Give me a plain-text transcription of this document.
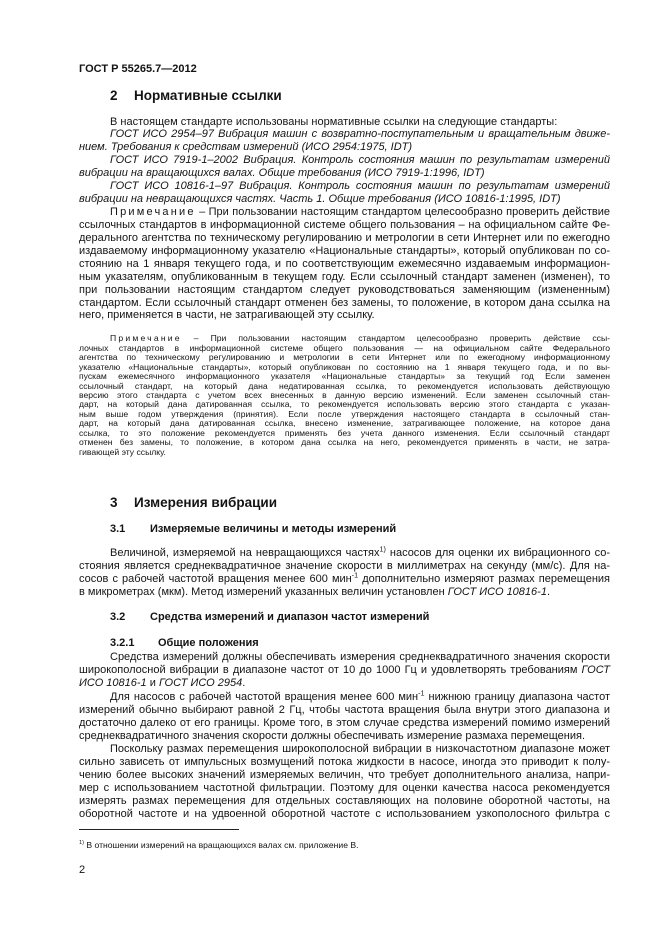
ГОСТ Р 55265.7—2012
2 Нормативные ссылки
3 Измерения вибрации
3.1 Измеряемые величины и методы измерений
3.2 Средства измерений и диапазон частот измерений
3.2.1 Общие положения
2
В настоящем стандарте использованы нормативные ссылки на следующие стандарты:
ГОСТ ИСО 2954–97 Вибрация машин с возвратно-поступательным и вращательным движе-
нием. Требования к средствам измерений (ИСО 2954:1975, IDT)
ГОСТ ИСО 7919-1–2002 Вибрация. Контроль состояния машин по результатам измерений
вибрации на вращающихся валах. Общие требования (ИСО 7919-1:1996, IDT)
ГОСТ ИСО 10816-1–97 Вибрация. Контроль состояния машин по результатам измерений
вибрации на невращающихся частях. Часть 1. Общие требования (ИСО 10816-1:1995, IDT)
Примечание – При пользовании настоящим стандартом целесообразно проверить действие
ссылочных стандартов в информационной системе общего пользования – на официальном сайте Фе-
дерального агентства по техническому регулированию и метрологии в сети Интернет или по ежегодно
издаваемому информационному указателю «Национальные стандарты», который опубликован по со-
стоянию на 1 января текущего года, и по соответствующим ежемесячно издаваемым информацион-
ным указателям, опубликованным в текущем году. Если ссылочный стандарт заменен (изменен), то
при пользовании настоящим стандартом следует руководствоваться заменяющим (измененным)
стандартом. Если ссылочный стандарт отменен без замены, то положение, в котором дана ссылка на
него, применяется в части, не затрагивающей эту ссылку.
Примечание – При пользовании настоящим стандартом целесообразно проверить действие ссы-
лочных стандартов в информационной системе общего пользования — на официальном сайте Федерального
агентства по техническому регулированию и метрологии в сети Интернет или по ежегодному информационному
указателю «Национальные стандарты», который опубликован по состоянию на 1 января текущего года, и по вы-
пускам ежемесячного информационного указателя «Национальные стандарты» за текущий год Если заменен
ссылочный стандарт, на который дана недатированная ссылка, то рекомендуется использовать действующую
версию этого стандарта с учетом всех внесенных в данную версию изменений. Если заменен ссылочный стан-
дарт, на который дана датированная ссылка, то рекомендуется использовать версию этого стандарта с указан-
ным выше годом утверждения (принятия). Если после утверждения настоящего стандарта в ссылочный стан-
дарт, на который дана датированная ссылка, внесено изменение, затрагивающее положение, на которое дана
ссылка, то это положение рекомендуется применять без учета данного изменения. Если ссылочный стандарт
отменен без замены, то положение, в котором дана ссылка на него, рекомендуется применять в части, не затра-
гивающей эту ссылку.
Величиной, измеряемой на невращающихся частях$^{1)}$ насосов для оценки их вибрационного со-
стояния является среднеквадратичное значение скорости в миллиметрах на секунду (мм/с). Для на-
сосов с рабочей частотой вращения менее 600 мин$^{-1}$ дополнительно измеряют размах перемещения
в микрометрах (мкм). Метод измерений указанных величин установлен ГОСТ ИСО 10816-1.
Средства измерений должны обеспечивать измерения среднеквадратичного значения скорости
широкополосной вибрации в диапазоне частот от 10 до 1000 Гц и удовлетворять требованиям ГОСТ
ИСО 10816-1 и ГОСТ ИСО 2954.
Для насосов с рабочей частотой вращения менее 600 мин$^{-1}$ нижнюю границу диапазона частот
измерений обычно выбирают равной 2 Гц, чтобы частота вращения была внутри этого диапазона и
достаточно далеко от его границы. Кроме того, в этом случае средства измерений помимо измерений
среднеквадратичного значения скорости должны обеспечивать измерение размаха перемещения.
Поскольку размах перемещения широкополосной вибрации в низкочастотном диапазоне может
сильно зависеть от импульсных возмущений потока жидкости в насосе, иногда это приводит к полу-
чению более высоких значений измеряемых величин, что требует дополнительного анализа, напри-
мер с использованием частотной фильтрации. Поэтому для оценки качества насоса рекомендуется
измерять размах перемещения для отдельных составляющих на половине оборотной частоты, на
оборотной частоте и на удвоенной оборотной частоте с использованием узкополосного фильтра с
$^{1)}$ В отношении измерений на вращающихся валах см. приложение В.
